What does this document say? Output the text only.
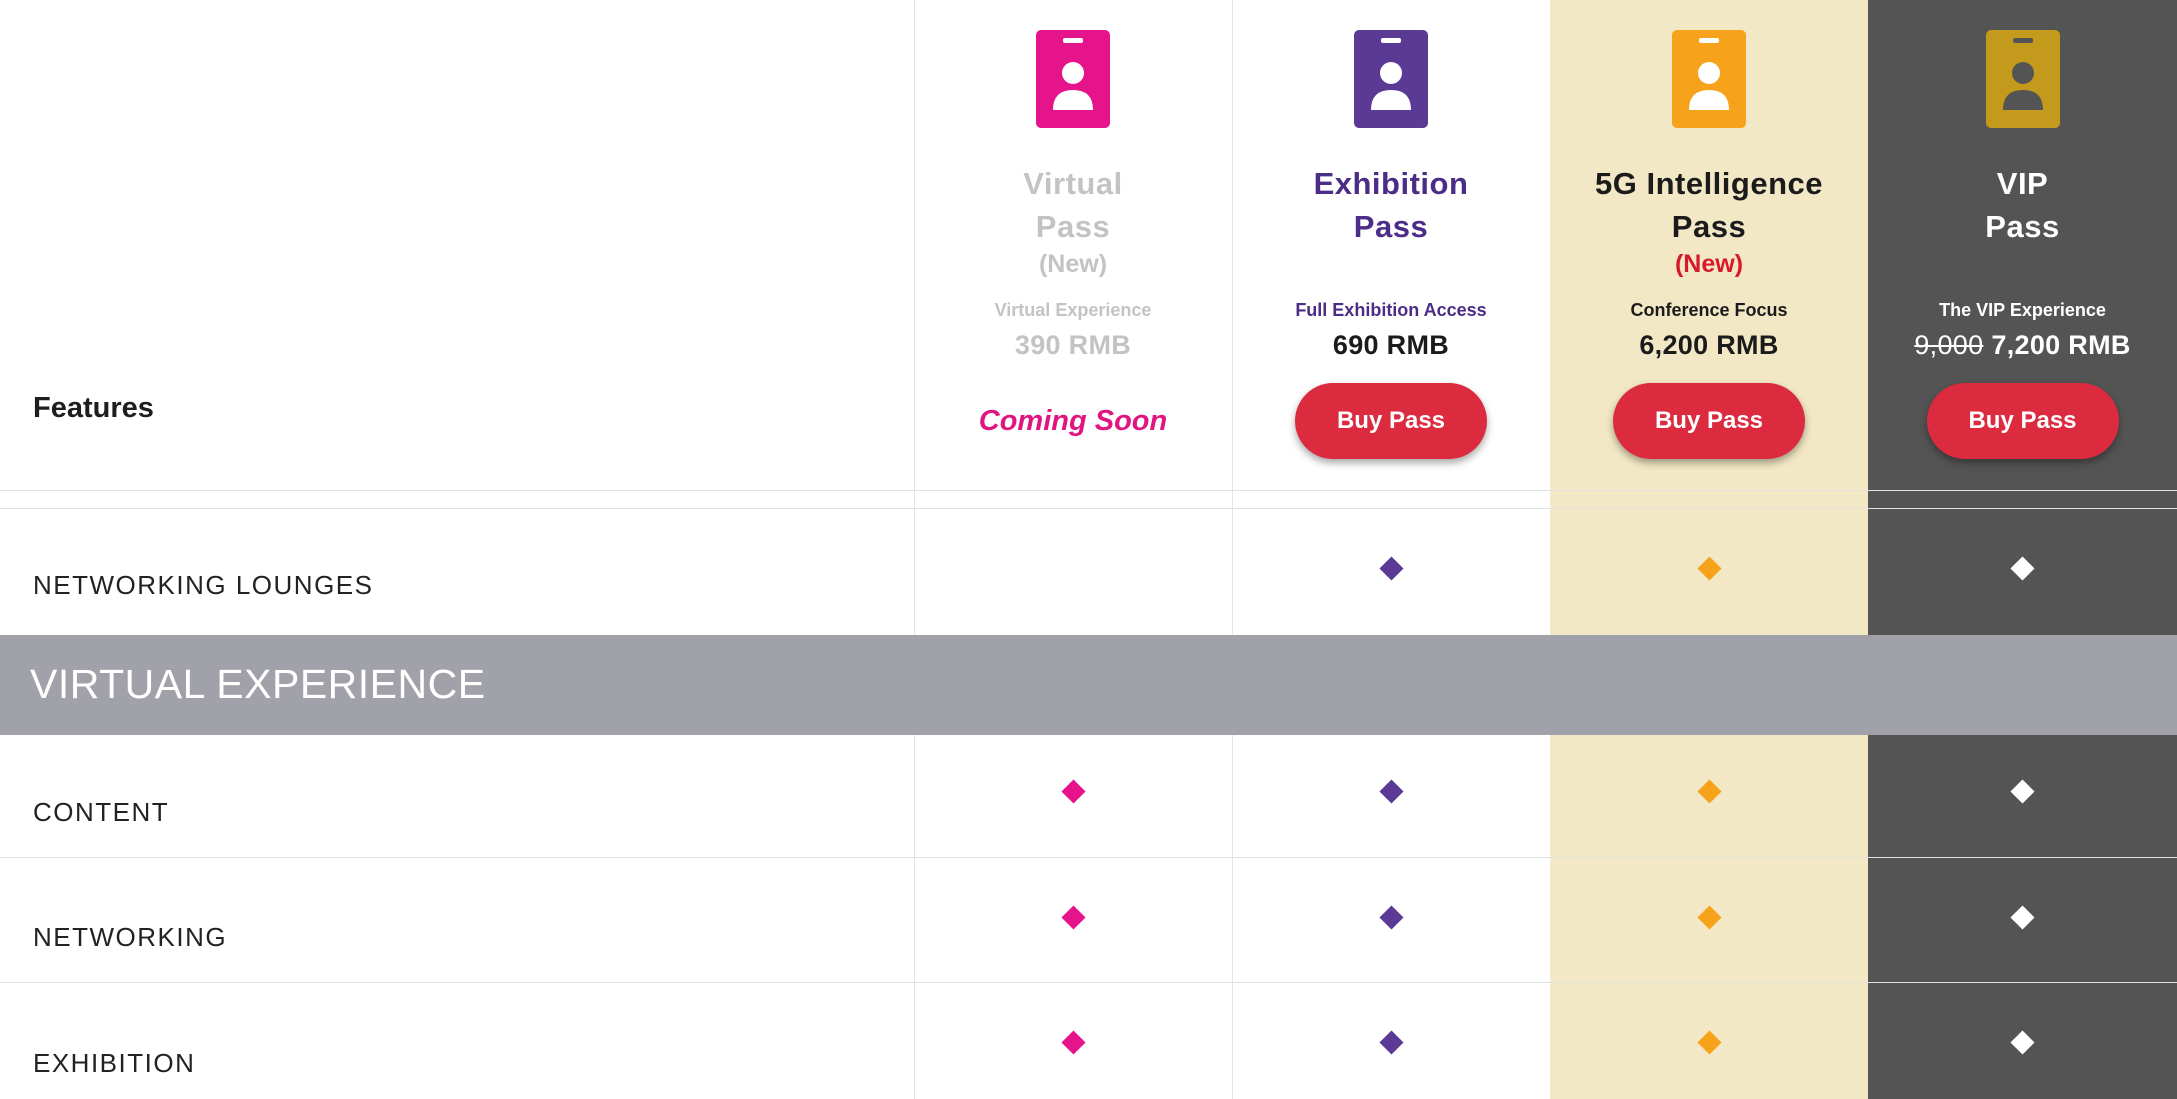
Features
Virtual
Pass
(New)
Virtual Experience
390 RMB
Coming Soon
Exhibition
Pass
Full Exhibition Access
690 RMB
Buy Pass
5G Intelligence
Pass
(New)
Conference Focus
6,200 RMB
Buy Pass
VIP
Pass
The VIP Experience
9,000 7,200 RMB
Buy Pass
NETWORKING LOUNGES
VIRTUAL EXPERIENCE
CONTENT
NETWORKING
EXHIBITION
